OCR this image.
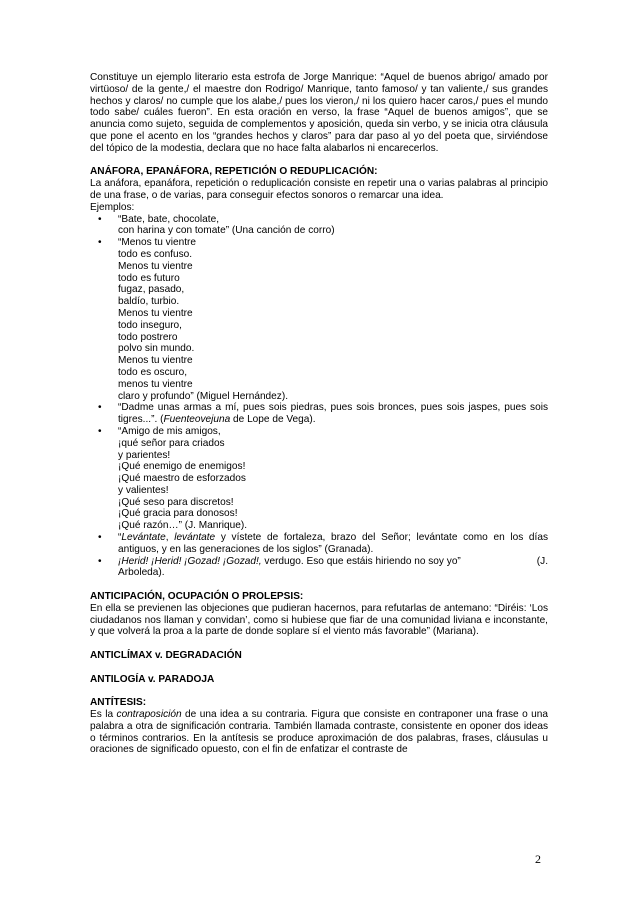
Constituye un ejemplo literario esta estrofa de Jorge Manrique: “Aquel de buenos abrigo/ amado por virtüoso/ de la gente,/ el maestre don Rodrigo/ Manrique, tanto famoso/ y tan valiente,/ sus grandes hechos y claros/ no cumple que los alabe,/ pues los vieron,/ ni los quiero hacer caros,/ pues el mundo todo sabe/ cuáles fueron”. En esta oración en verso, la frase “Aquel de buenos amigos”, que se anuncia como sujeto, seguida de complementos y aposición, queda sin verbo, y se inicia otra cláusula que pone el acento en los “grandes hechos y claros” para dar paso al yo del poeta que, sirviéndose del tópico de la modestia, declara que no hace falta alabarlos ni encarecerlos.

ANÁFORA, EPANÁFORA, REPETICIÓN O REDUPLICACIÓN:

La anáfora, epanáfora, repetición o reduplicación consiste en repetir una o varias palabras al principio de una frase, o de varias, para conseguir efectos sonoros o remarcar una idea.

Ejemplos:

• “Bate, bate, chocolate,
con harina y con tomate” (Una canción de corro)
• “Menos tu vientre
todo es confuso.
Menos tu vientre
todo es futuro
fugaz, pasado,
baldío, turbio.
Menos tu vientre
todo inseguro,
todo postrero
polvo sin mundo.
Menos tu vientre
todo es oscuro,
menos tu vientre
claro y profundo” (Miguel Hernández).
• “Dadme unas armas a mí, pues sois piedras, pues sois bronces, pues sois jaspes, pues sois tigres...”. (Fuenteovejuna de Lope de Vega).

• “Amigo de mis amigos,
¡qué señor para criados
y parientes!
¡Qué enemigo de enemigos!
¡Qué maestro de esforzados
y valientes!
¡Qué seso para discretos!
¡Qué gracia para donosos!
¡Qué razón…” (J. Manrique).
• “Levántate, levántate y vístete de fortaleza, brazo del Señor; levántate como en los días antiguos, y en las generaciones de los siglos” (Granada).

•	(J.
¡Herid! ¡Herid! ¡Gozad! ¡Gozad!, verdugo. Eso que estáis hiriendo no soy yo”

Arboleda).

ANTICIPACIÓN, OCUPACIÓN O PROLEPSIS:

En ella se previenen las objeciones que pudieran hacernos, para refutarlas de antemano: “Diréis: ‘Los ciudadanos nos llaman y convidan’, como si hubiese que fiar de una comunidad liviana e inconstante, y que volverá la proa a la parte de donde soplare sí el viento más favorable” (Mariana).

ANTICLÍMAX v. DEGRADACIÓN

ANTILOGÍA v. PARADOJA

ANTÍTESIS:

Es la contraposición de una idea a su contraria. Figura que consiste en contraponer una frase o una palabra a otra de significación contraria. También llamada contraste, consistente en oponer dos ideas o términos contrarios. En la antítesis se produce aproximación de dos palabras, frases, cláusulas u oraciones de significado opuesto, con el fin de enfatizar el contraste de

2
